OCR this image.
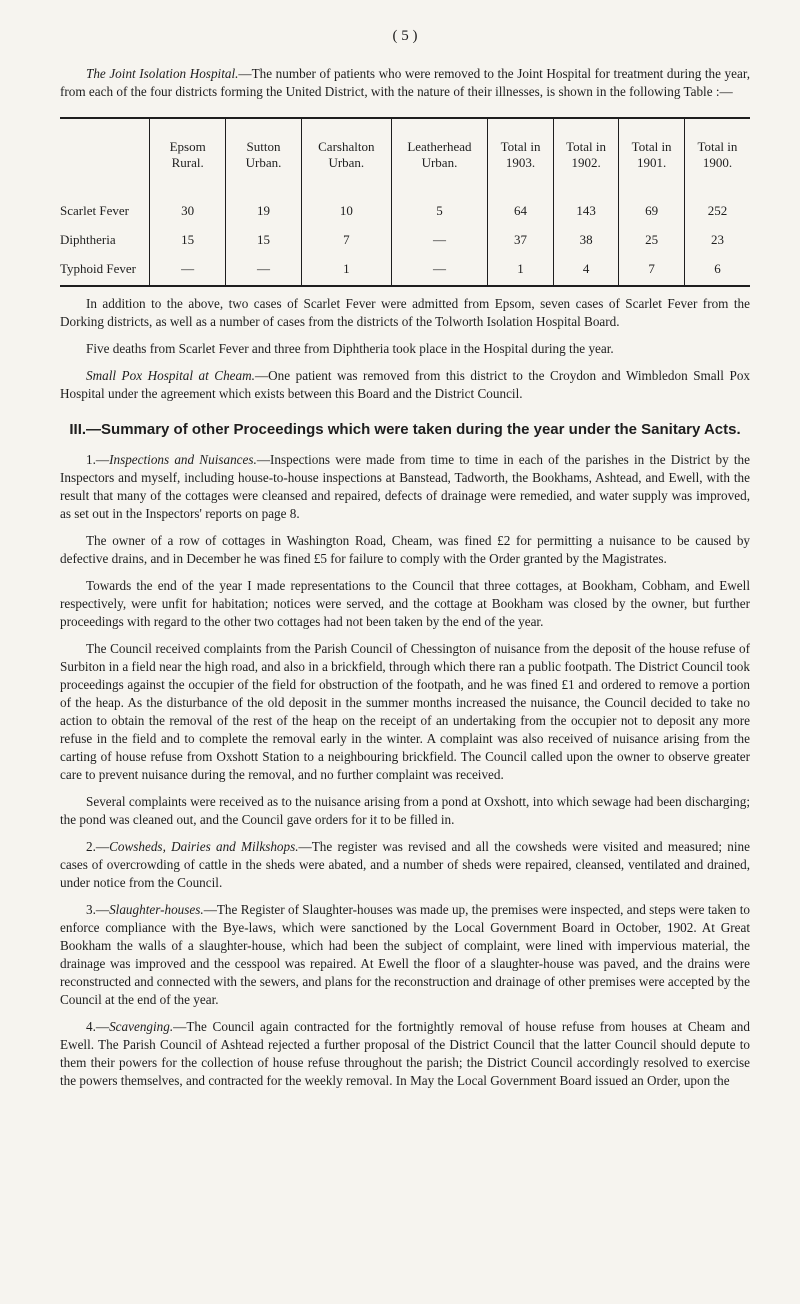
( 5 )

The Joint Isolation Hospital.—The number of patients who were removed to the Joint Hospital for treatment during the year, from each of the four districts forming the United District, with the nature of their illnesses, is shown in the following Table :—

	Epsom Rural.	Sutton Urban.	Carshalton Urban.	Leatherhead Urban.	Total in 1903.	Total in 1902.	Total in 1901.	Total in 1900.
Scarlet Fever	30	19	10	5	64	143	69	252
Diphtheria	15	15	7	—	37	38	25	23
Typhoid Fever	—	—	1	—	1	4	7	6

In addition to the above, two cases of Scarlet Fever were admitted from Epsom, seven cases of Scarlet Fever from the Dorking districts, as well as a number of cases from the districts of the Tolworth Isolation Hospital Board.

Five deaths from Scarlet Fever and three from Diphtheria took place in the Hospital during the year.

Small Pox Hospital at Cheam.—One patient was removed from this district to the Croydon and Wimbledon Small Pox Hospital under the agreement which exists between this Board and the District Council.

III.—Summary of other Proceedings which were taken during the year under the Sanitary Acts.

1.—Inspections and Nuisances.—Inspections were made from time to time in each of the parishes in the District by the Inspectors and myself, including house-to-house inspections at Banstead, Tadworth, the Bookhams, Ashtead, and Ewell, with the result that many of the cottages were cleansed and repaired, defects of drainage were remedied, and water supply was improved, as set out in the Inspectors' reports on page 8.

The owner of a row of cottages in Washington Road, Cheam, was fined £2 for permitting a nuisance to be caused by defective drains, and in December he was fined £5 for failure to comply with the Order granted by the Magistrates.

Towards the end of the year I made representations to the Council that three cottages, at Bookham, Cobham, and Ewell respectively, were unfit for habitation; notices were served, and the cottage at Bookham was closed by the owner, but further proceedings with regard to the other two cottages had not been taken by the end of the year.

The Council received complaints from the Parish Council of Chessington of nuisance from the deposit of the house refuse of Surbiton in a field near the high road, and also in a brickfield, through which there ran a public footpath. The District Council took proceedings against the occupier of the field for obstruction of the footpath, and he was fined £1 and ordered to remove a portion of the heap. As the disturbance of the old deposit in the summer months increased the nuisance, the Council decided to take no action to obtain the removal of the rest of the heap on the receipt of an undertaking from the occupier not to deposit any more refuse in the field and to complete the removal early in the winter. A complaint was also received of nuisance arising from the carting of house refuse from Oxshott Station to a neighbouring brickfield. The Council called upon the owner to observe greater care to prevent nuisance during the removal, and no further complaint was received.

Several complaints were received as to the nuisance arising from a pond at Oxshott, into which sewage had been discharging; the pond was cleaned out, and the Council gave orders for it to be filled in.

2.—Cowsheds, Dairies and Milkshops.—The register was revised and all the cowsheds were visited and measured; nine cases of overcrowding of cattle in the sheds were abated, and a number of sheds were repaired, cleansed, ventilated and drained, under notice from the Council.

3.—Slaughter-houses.—The Register of Slaughter-houses was made up, the premises were inspected, and steps were taken to enforce compliance with the Bye-laws, which were sanctioned by the Local Government Board in October, 1902. At Great Bookham the walls of a slaughter-house, which had been the subject of complaint, were lined with impervious material, the drainage was improved and the cesspool was repaired. At Ewell the floor of a slaughter-house was paved, and the drains were reconstructed and connected with the sewers, and plans for the reconstruction and drainage of other premises were accepted by the Council at the end of the year.

4.—Scavenging.—The Council again contracted for the fortnightly removal of house refuse from houses at Cheam and Ewell. The Parish Council of Ashtead rejected a further proposal of the District Council that the latter Council should depute to them their powers for the collection of house refuse throughout the parish; the District Council accordingly resolved to exercise the powers themselves, and contracted for the weekly removal. In May the Local Government Board issued an Order, upon the
